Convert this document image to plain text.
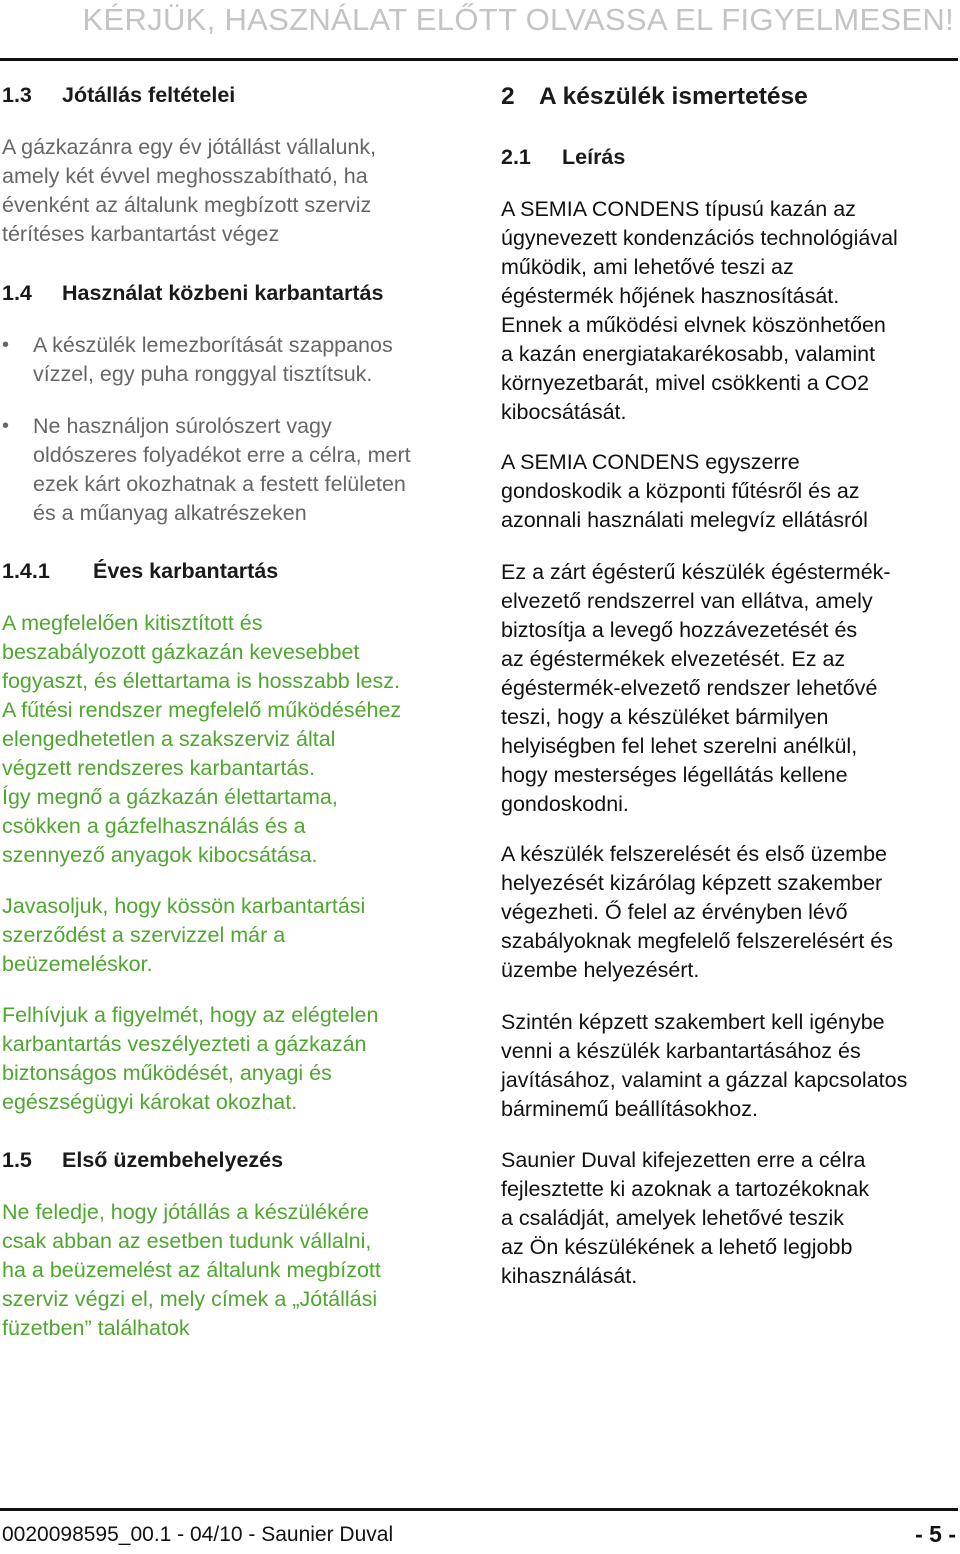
KÉRJÜK, HASZNÁLAT ELŐTT OLVASSA EL FIGYELMESEN!
1.3 Jótállás feltételei
A gázkazánra egy év jótállást vállalunk,
amely két évvel meghosszabítható, ha
évenként az általunk megbízott szerviz
térítéses karbantartást végez
1.4 Használat közbeni karbantartás
• A készülék lemezborítását szappanos
vízzel, egy puha ronggyal tisztítsuk.
• Ne használjon súrolószert vagy
oldószeres folyadékot erre a célra, mert
ezek kárt okozhatnak a festett felületen
és a műanyag alkatrészeken
1.4.1 Éves karbantartás
A megfelelően kitisztított és
beszabályozott gázkazán kevesebbet
fogyaszt, és élettartama is hosszabb lesz.
A fűtési rendszer megfelelő működéséhez
elengedhetetlen a szakszerviz által
végzett rendszeres karbantartás.
Így megnő a gázkazán élettartama,
csökken a gázfelhasználás és a
szennyező anyagok kibocsátása.
Javasoljuk, hogy kössön karbantartási
szerződést a szervizzel már a
beüzemeléskor.
Felhívjuk a figyelmét, hogy az elégtelen
karbantartás veszélyezteti a gázkazán
biztonságos működését, anyagi és
egészségügyi károkat okozhat.
1.5 Első üzembehelyezés
Ne feledje, hogy jótállás a készülékére
csak abban az esetben tudunk vállalni,
ha a beüzemelést az általunk megbízott
szerviz végzi el, mely címek a „Jótállási
füzetben” találhatok
2 A készülék ismertetése
2.1 Leírás
A SEMIA CONDENS típusú kazán az
úgynevezett kondenzációs technológiával
működik, ami lehetővé teszi az
égéstermék hőjének hasznosítását.
Ennek a működési elvnek köszönhetően
a kazán energiatakarékosabb, valamint
környezetbarát, mivel csökkenti a CO2
kibocsátását.
A SEMIA CONDENS egyszerre
gondoskodik a központi fűtésről és az
azonnali használati melegvíz ellátásról
Ez a zárt égésterű készülék égéstermék-
elvezető rendszerrel van ellátva, amely
biztosítja a levegő hozzávezetését és
az égéstermékek elvezetését. Ez az
égéstermék-elvezető rendszer lehetővé
teszi, hogy a készüléket bármilyen
helyiségben fel lehet szerelni anélkül,
hogy mesterséges légellátás kellene
gondoskodni.
A készülék felszerelését és első üzembe
helyezését kizárólag képzett szakember
végezheti. Ő felel az érvényben lévő
szabályoknak megfelelő felszerelésért és
üzembe helyezésért.
Szintén képzett szakembert kell igénybe
venni a készülék karbantartásához és
javításához, valamint a gázzal kapcsolatos
bárminemű beállításokhoz.
Saunier Duval kifejezetten erre a célra
fejlesztette ki azoknak a tartozékoknak
a családját, amelyek lehetővé teszik
az Ön készülékének a lehető legjobb
kihasználását.
0020098595_00.1 - 04/10 - Saunier Duval	- 5 -
